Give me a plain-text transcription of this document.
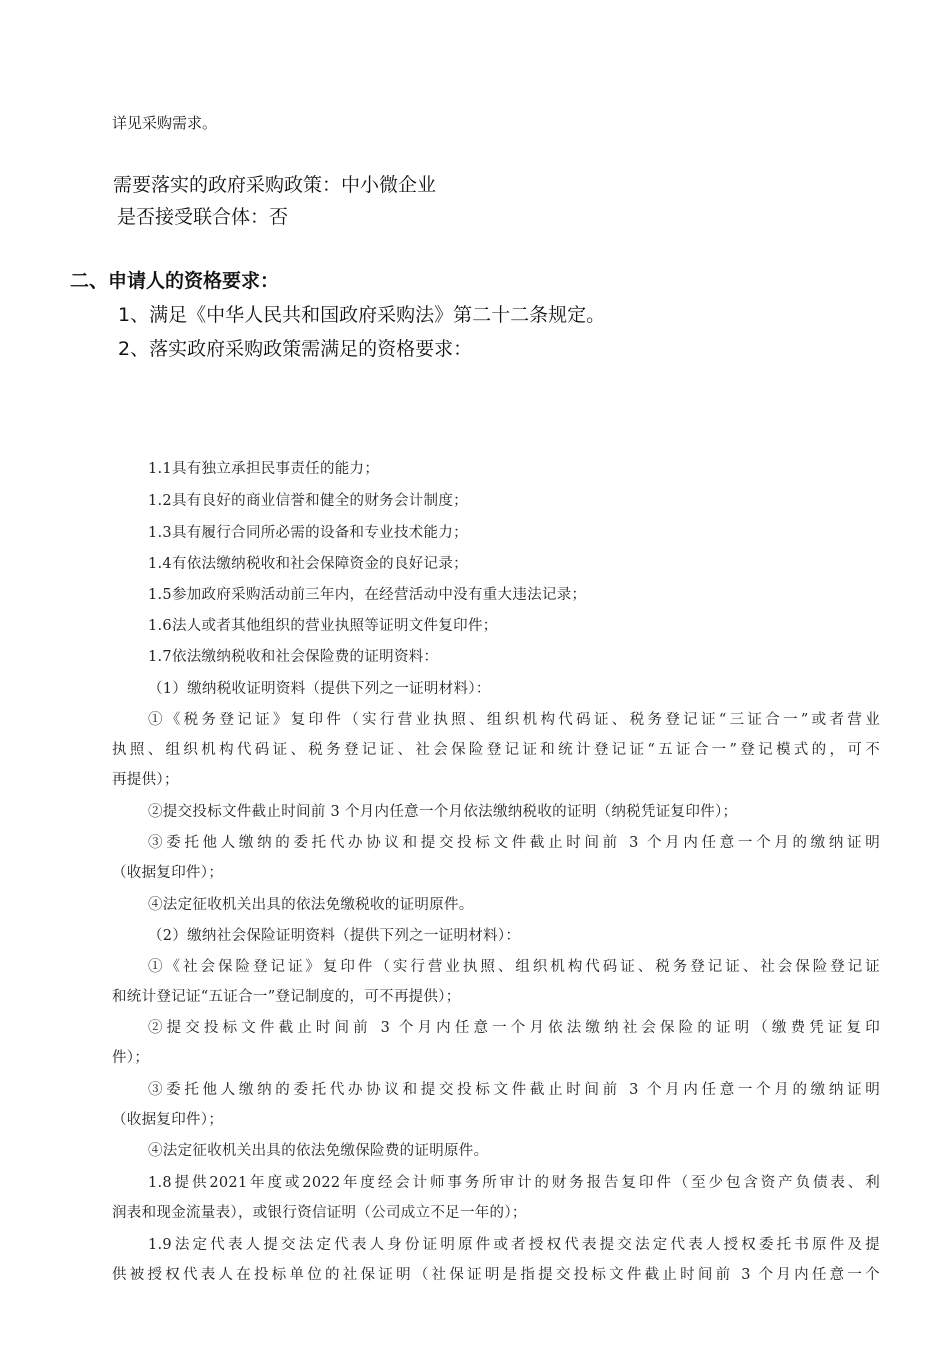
详见采购需求。

需要落实的政府采购政策：中小微企业

是否接受联合体：否

二、申请人的资格要求：

1、满足《中华人民共和国政府采购法》第二十二条规定。

2、落实政府采购政策需满足的资格要求：

1.1具有独立承担民事责任的能力；

1.2具有良好的商业信誉和健全的财务会计制度；

1.3具有履行合同所必需的设备和专业技术能力；

1.4有依法缴纳税收和社会保障资金的良好记录；

1.5参加政府采购活动前三年内，在经营活动中没有重大违法记录；

1.6法人或者其他组织的营业执照等证明文件复印件；

1.7依法缴纳税收和社会保险费的证明资料：

（1）缴纳税收证明资料（提供下列之一证明材料）：

①《税务登记证》复印件（实行营业执照、组织机构代码证、税务登记证“三证合一”或者营业

执照、组织机构代码证、税务登记证、社会保险登记证和统计登记证“五证合一”登记模式的，可不

再提供）；

②提交投标文件截止时间前 3 个月内任意一个月依法缴纳税收的证明（纳税凭证复印件）；

③委托他人缴纳的委托代办协议和提交投标文件截止时间前 3 个月内任意一个月的缴纳证明

（收据复印件）；

④法定征收机关出具的依法免缴税收的证明原件。

（2）缴纳社会保险证明资料（提供下列之一证明材料）：

①《社会保险登记证》复印件（实行营业执照、组织机构代码证、税务登记证、社会保险登记证

和统计登记证“五证合一”登记制度的，可不再提供）；

②提交投标文件截止时间前 3 个月内任意一个月依法缴纳社会保险的证明（缴费凭证复印

件）；

③委托他人缴纳的委托代办协议和提交投标文件截止时间前 3 个月内任意一个月的缴纳证明

（收据复印件）；

④法定征收机关出具的依法免缴保险费的证明原件。

1.8提供2021年度或2022年度经会计师事务所审计的财务报告复印件（至少包含资产负债表、利

润表和现金流量表），或银行资信证明（公司成立不足一年的）；

1.9法定代表人提交法定代表人身份证明原件或者授权代表提交法定代表人授权委托书原件及提

供被授权代表人在投标单位的社保证明（社保证明是指提交投标文件截止时间前 3 个月内任意一个
